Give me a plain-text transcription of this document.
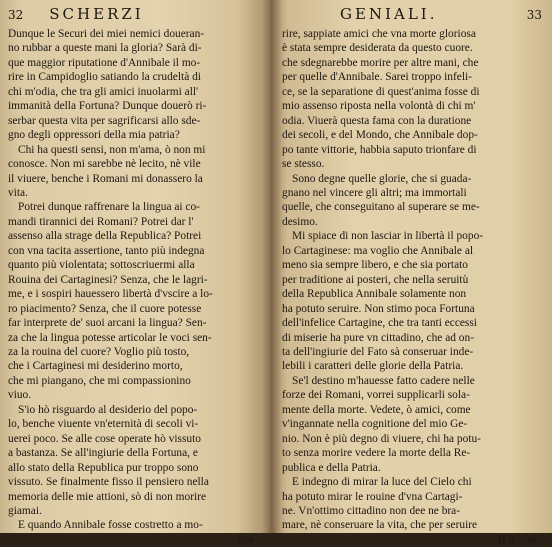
32 SCHERZI
Dunque le Securi dei miei nemici doueran-
no rubbar a queste mani la gloria? Sarà di-
que maggior riputatione d'Annibale il mo-
rire in Campidoglio satiando la crudeltà di
chi m'odia, che tra gli amici inuolarmi all'
immanità della Fortuna? Dunque douerò ri-
serbar questa vita per sagrificarsi allo sde-
gno degli oppressori della mia patria?
Chi ha questi sensi, non m'ama, ò non mi
conosce. Non mi sarebbe nè lecito, nè vile
il viuere, benche i Romani mi donassero la
vita.
Potrei dunque raffrenare la lingua ai co-
mandi tirannici dei Romani? Potrei dar l'
assenso alla strage della Republica? Potrei
con vna tacita assertione, tanto più indegna
quanto più violentata; sottoscriuermi alla
Rouina dei Cartaginesi? Senza, che le lagri-
me, e i sospiri hauessero libertà d'vscire a lo-
ro piacimento? Senza, che il cuore potesse
far interprete de' suoi arcani la lingua? Sen-
za che la lingua potesse articolar le voci sen-
za la rouina del cuore? Voglio più tosto,
che i Cartaginesi mi desiderino morto,
che mi piangano, che mi compassionino
viuo.
S'io hò risguardo al desiderio del popo-
lo, benche viuente vn'eternità di secoli vi-
uerei poco. Se alle cose operate hò vissuto
a bastanza. Se all'ingiurie della Fortuna, e
allo stato della Republica pur troppo sono
vissuto. Se finalmente fisso il pensiero nella
memoria delle mie attioni, sò di non morire
giamai.
E quando Annibale fosse costretto a mo-
rire
GENIALI.	33
rire, sappiate amici che vna morte gloriosa
è stata sempre desiderata da questo cuore.
che sdegnarebbe morire per altre mani, che
per quelle d'Annibale. Sarei troppo infeli-
ce, se la separatione di quest'anima fosse di
mio assenso riposta nella volontà di chi m'
odia. Viuerà questa fama con la duratione
dei secoli, e del Mondo, che Annibale dop-
po tante vittorie, habbia saputo trionfare di
se stesso.
Sono degne quelle glorie, che si guada-
gnano nel vincere gli altri; ma immortali
quelle, che conseguitano al superare se me-
desimo.
Mi spiace di non lasciar in libertà il popo-
lo Cartaginese: ma voglio che Annibale al
meno sia sempre libero, e che sia portato
per traditione ai posteri, che nella seruitù
della Republica Annibale solamente non
ha potuto seruire. Non stimo poca Fortuna
dell'infelice Cartagine, che tra tanti eccessi
di miserie ha pure vn cittadino, che ad on-
ta dell'ingiurie del Fato sà conseruar inde-
lebili i caratteri delle glorie della Patria.
Se'l destino m'hauesse fatto cadere nelle
forze dei Romani, vorrei supplicarli sola-
mente della morte. Vedete, ò amici, come
v'ingannate nella cognitione del mio Ge-
nio. Non è più degno di viuere, chi ha potu-
to senza morire vedere la morte della Re-
publica e della Patria.
E indegno di mirar la luce del Cielo chi
ha potuto mirar le rouine d'vna Cartagi-
ne. Vn'ottimo cittadino non dee ne bra-
mare, nè conseruare la vita, che per seruire
B 5 al-
